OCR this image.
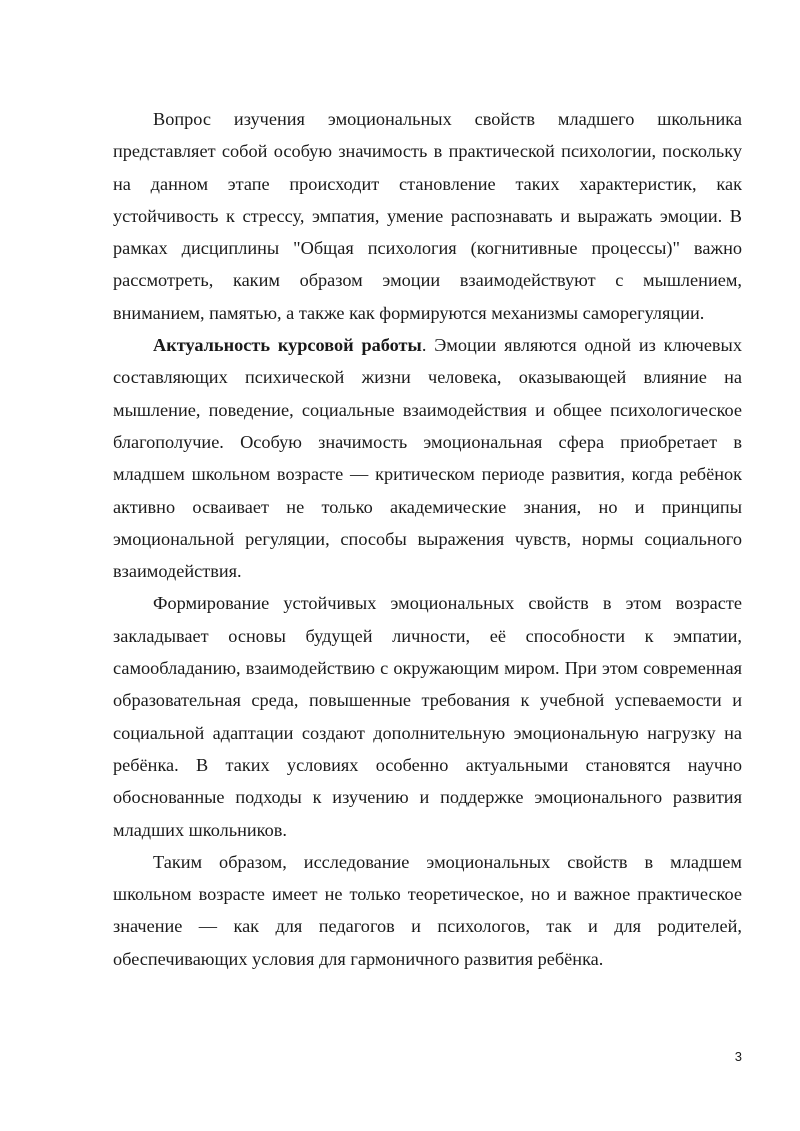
Вопрос изучения эмоциональных свойств младшего школьника представляет собой особую значимость в практической психологии, поскольку на данном этапе происходит становление таких характеристик, как устойчивость к стрессу, эмпатия, умение распознавать и выражать эмоции. В рамках дисциплины "Общая психология (когнитивные процессы)" важно рассмотреть, каким образом эмоции взаимодействуют с мышлением, вниманием, памятью, а также как формируются механизмы саморегуляции.

Актуальность курсовой работы. Эмоции являются одной из ключевых составляющих психической жизни человека, оказывающей влияние на мышление, поведение, социальные взаимодействия и общее психологическое благополучие. Особую значимость эмоциональная сфера приобретает в младшем школьном возрасте — критическом периоде развития, когда ребёнок активно осваивает не только академические знания, но и принципы эмоциональной регуляции, способы выражения чувств, нормы социального взаимодействия.

Формирование устойчивых эмоциональных свойств в этом возрасте закладывает основы будущей личности, её способности к эмпатии, самообладанию, взаимодействию с окружающим миром. При этом современная образовательная среда, повышенные требования к учебной успеваемости и социальной адаптации создают дополнительную эмоциональную нагрузку на ребёнка. В таких условиях особенно актуальными становятся научно обоснованные подходы к изучению и поддержке эмоционального развития младших школьников.

Таким образом, исследование эмоциональных свойств в младшем школьном возрасте имеет не только теоретическое, но и важное практическое значение — как для педагогов и психологов, так и для родителей, обеспечивающих условия для гармоничного развития ребёнка.

3
